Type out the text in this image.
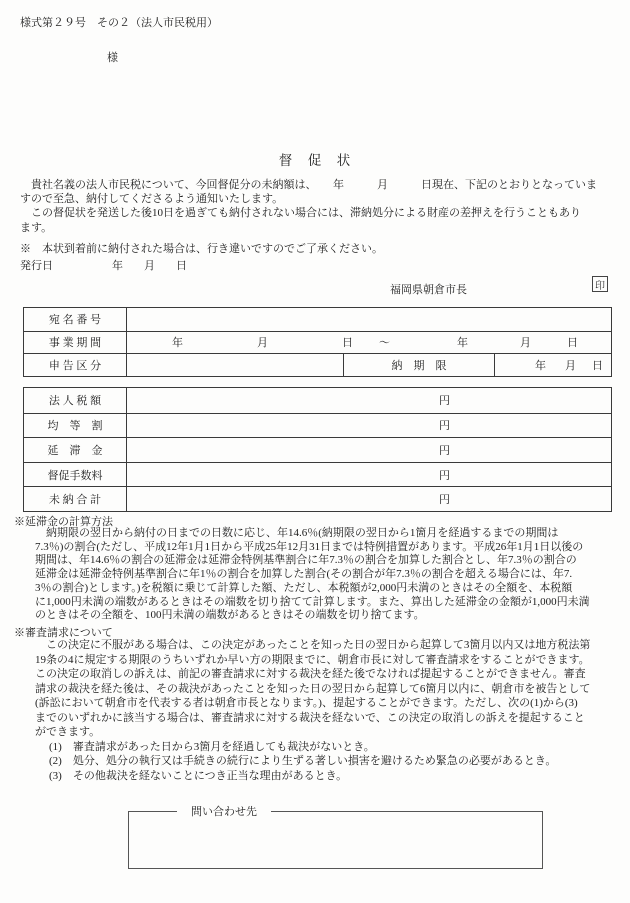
様式第２９号　その２（法人市民税用）
様
督　促　状
　貴社名義の法人市民税について、今回督促分の未納額は、　　年　　　月　　　日現在、下記のとおりとなっていま
すので至急、納付してくださるよう通知いたします。
　この督促状を発送した後10日を過ぎても納付されない場合には、滞納処分による財産の差押えを行うこともあり
ます。
※　本状到着前に納付された場合は、行き違いですのでご了承ください。
発行日	年 月 日
福岡県朝倉市長	印
宛 名 番 号
事 業 期 間	年	月	日 ～	年	月	日
申 告 区 分	納　期　限	年 月 日
法 人 税 額	円
均　等　割	円
延　滞　金	円
督促手数料	円
未 納 合 計	円
※延滞金の計算方法
　納期限の翌日から納付の日までの日数に応じ、年14.6％(納期限の翌日から1箇月を経過するまでの期間は
7.3％)の割合(ただし、平成12年1月1日から平成25年12月31日までは特例措置があります。平成26年1月1日以後の
期間は、年14.6％の割合の延滞金は延滞金特例基準割合に年7.3％の割合を加算した割合とし、年7.3％の割合の
延滞金は延滞金特例基準割合に年1％の割合を加算した割合(その割合が年7.3％の割合を超える場合には、年7.
3％の割合)とします。)を税額に乗じて計算した額、ただし、本税額が2,000円未満のときはその全額を、本税額
に1,000円未満の端数があるときはその端数を切り捨てて計算します。また、算出した延滞金の金額が1,000円未満
のときはその全額を、100円未満の端数があるときはその端数を切り捨てます。
※審査請求について
　この決定に不服がある場合は、この決定があったことを知った日の翌日から起算して3箇月以内又は地方税法第
19条の4に規定する期限のうちいずれか早い方の期限までに、朝倉市長に対して審査請求をすることができます。
この決定の取消しの訴えは、前記の審査請求に対する裁決を経た後でなければ提起することができません。審査
請求の裁決を経た後は、その裁決があったことを知った日の翌日から起算して6箇月以内に、朝倉市を被告として
(訴訟において朝倉市を代表する者は朝倉市長となります。)、提起することができます。ただし、次の(1)から(3)
までのいずれかに該当する場合は、審査請求に対する裁決を経ないで、この決定の取消しの訴えを提起すること
ができます。
(1)　審査請求があった日から3箇月を経過しても裁決がないとき。
(2)　処分、処分の執行又は手続きの続行により生ずる著しい損害を避けるため緊急の必要があるとき。
(3)　その他裁決を経ないことにつき正当な理由があるとき。
問い合わせ先
